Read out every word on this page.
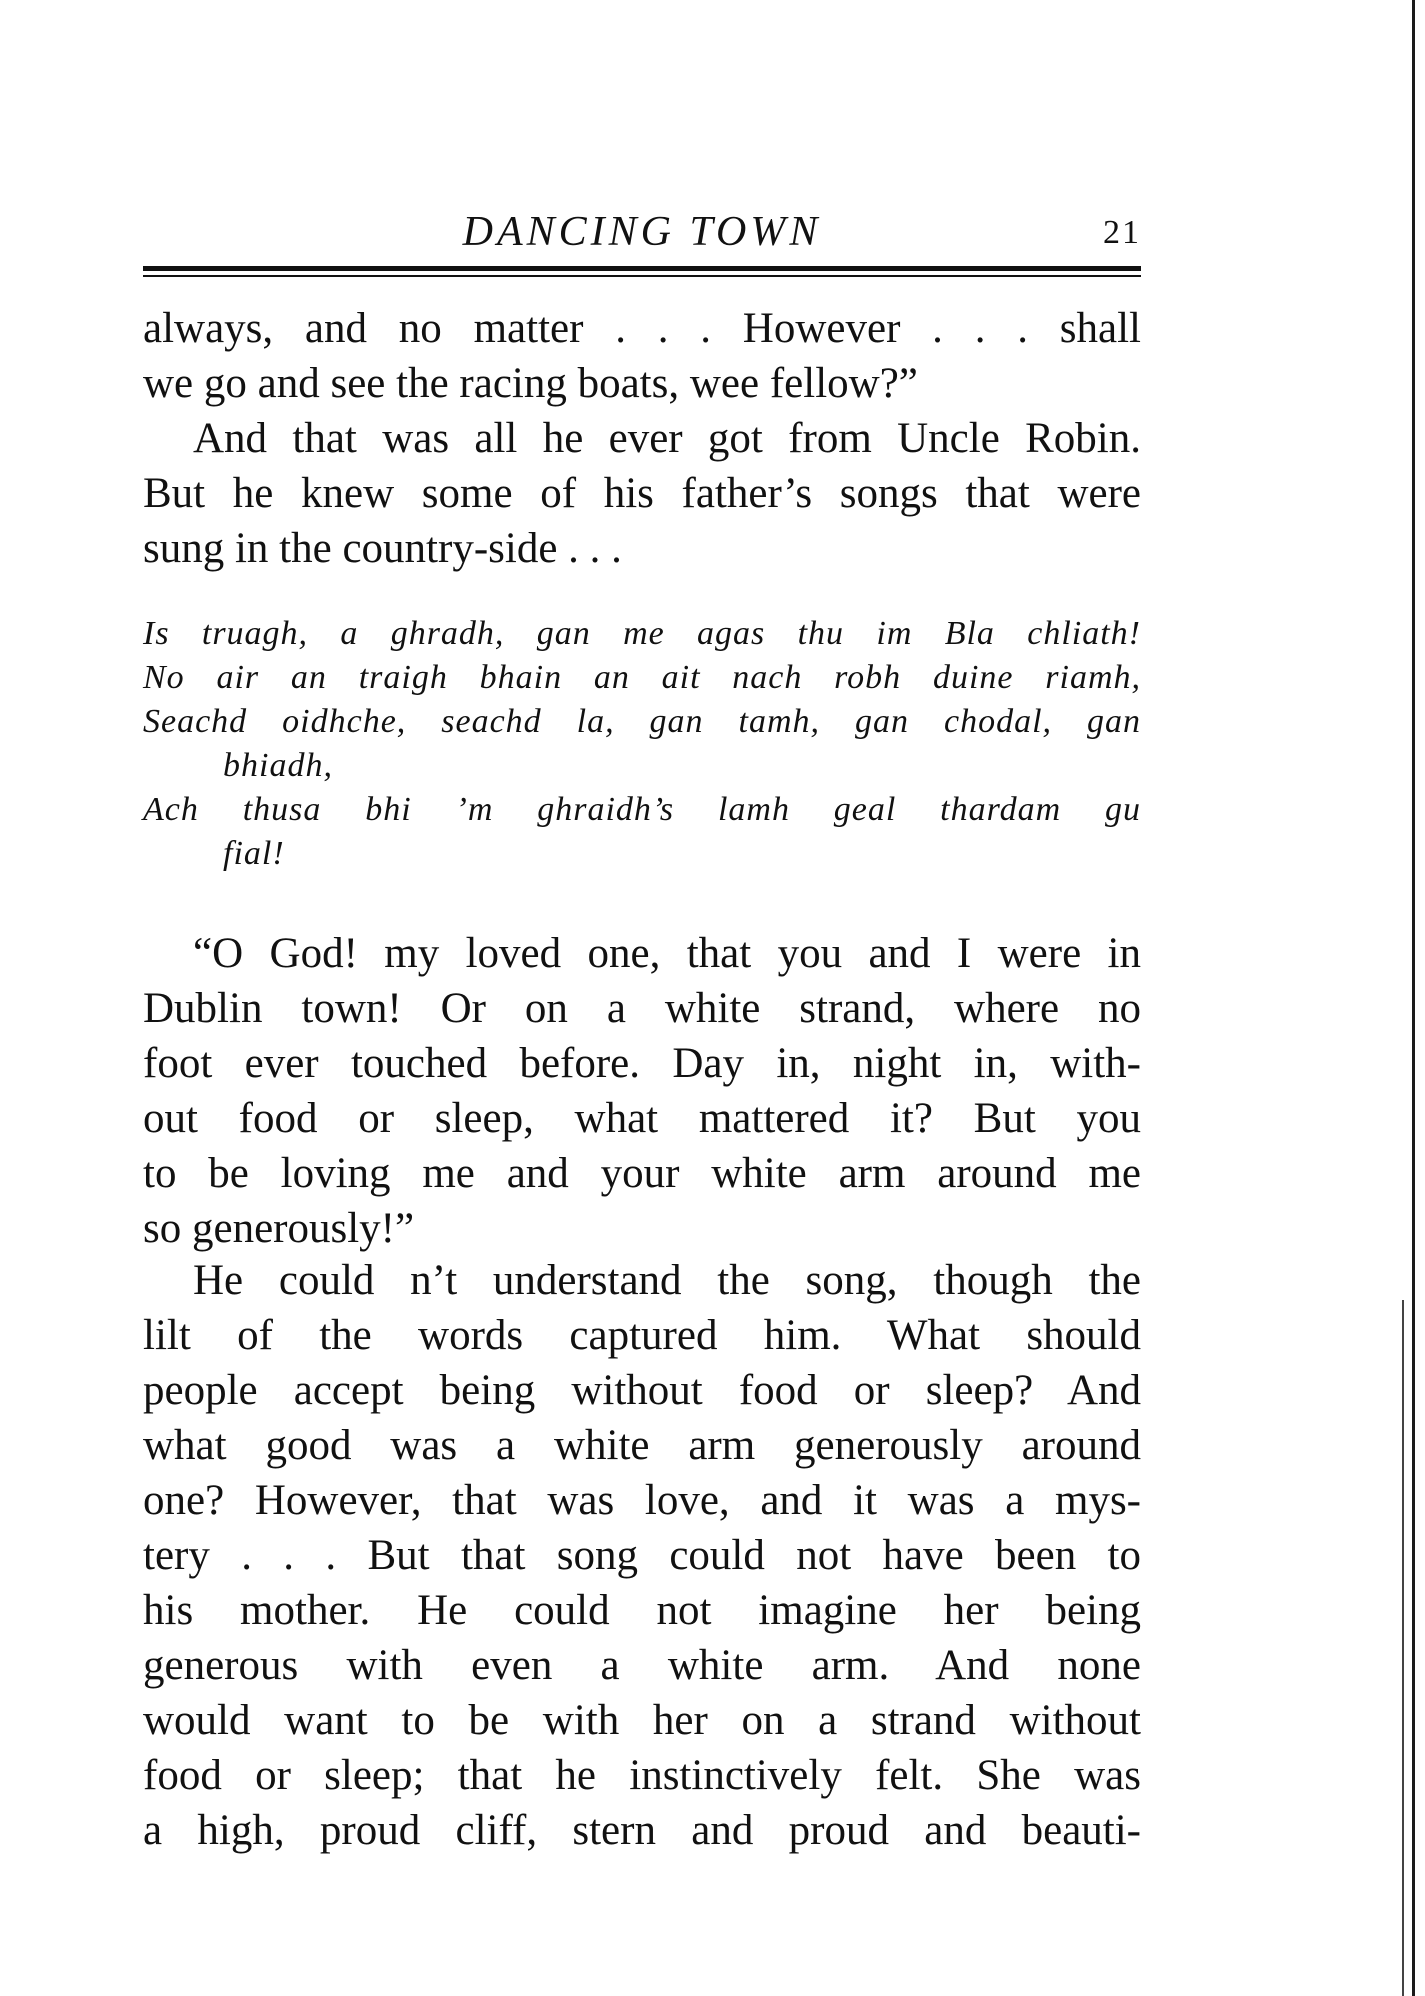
DANCING TOWN	21
always, and no matter . . . However . . . shall
we go and see the racing boats, wee fellow?”
And that was all he ever got from Uncle Robin.
But he knew some of his father’s songs that were
sung in the country-side . . .
Is truagh, a ghradh, gan me agas thu im Bla chliath!
No air an traigh bhain an ait nach robh duine riamh,
Seachd oidhche, seachd la, gan tamh, gan chodal, gan
bhiadh,
Ach thusa bhi ’m ghraidh’s lamh geal thardam gu
fial!
“O God! my loved one, that you and I were in
Dublin town! Or on a white strand, where no
foot ever touched before. Day in, night in, with-
out food or sleep, what mattered it? But you
to be loving me and your white arm around me
so generously!”
He could n’t understand the song, though the
lilt of the words captured him. What should
people accept being without food or sleep? And
what good was a white arm generously around
one? However, that was love, and it was a mys-
tery . . . But that song could not have been to
his mother. He could not imagine her being
generous with even a white arm. And none
would want to be with her on a strand without
food or sleep; that he instinctively felt. She was
a high, proud cliff, stern and proud and beauti-
